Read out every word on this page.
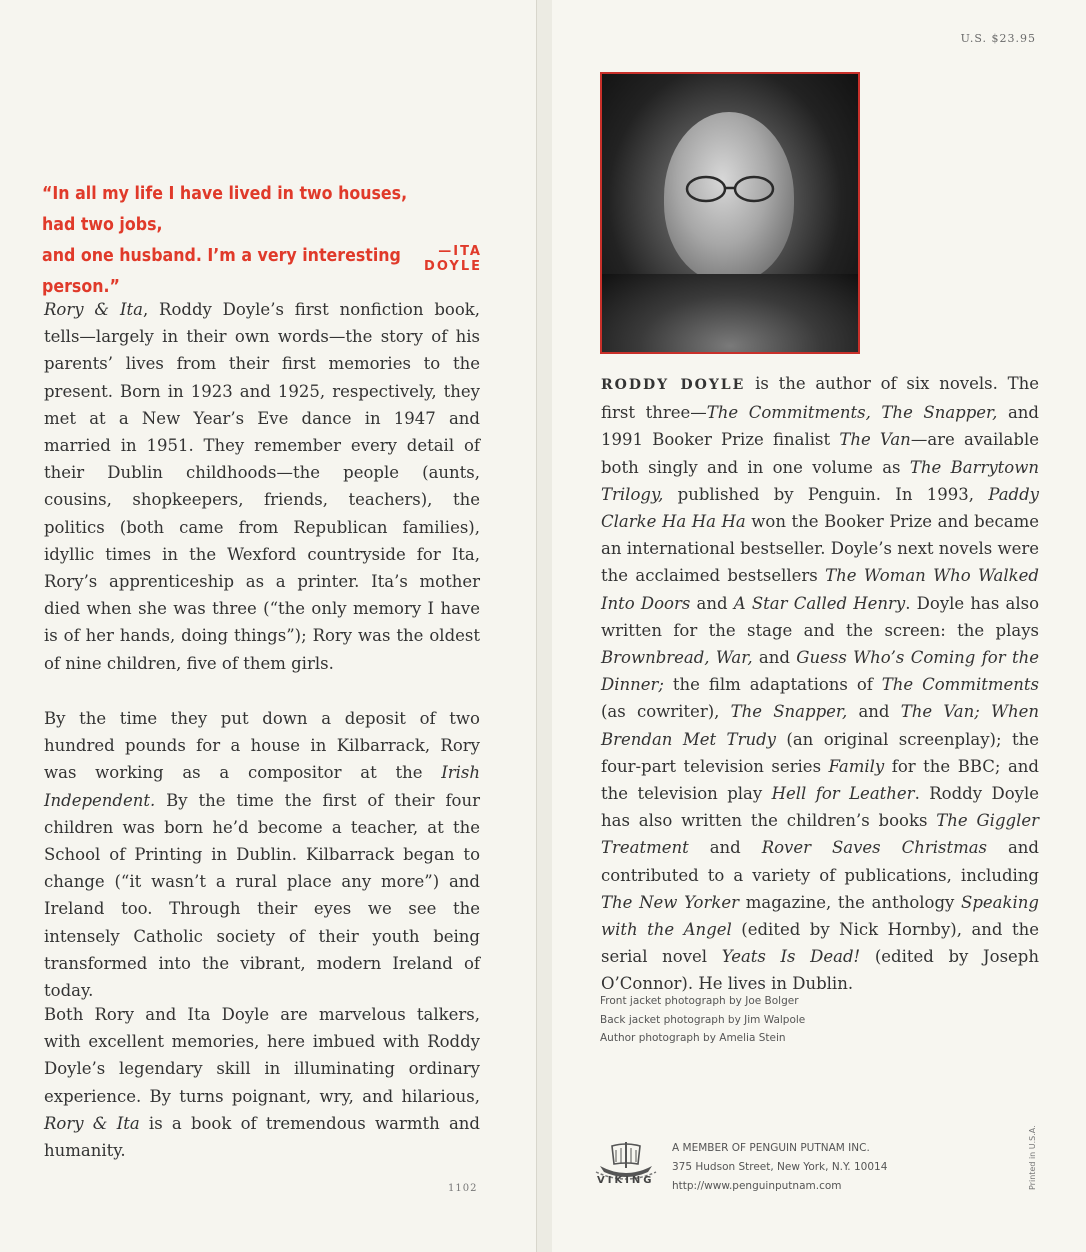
U.S. $23.95
“In all my life I have lived in two houses, had two jobs,
and one husband. I’m a very interesting person.”
—ITA DOYLE
Rory & Ita, Roddy Doyle’s first nonfiction book, tells—largely in their own words—the story of his parents’ lives from their first memories to the present. Born in 1923 and 1925, respectively, they met at a New Year’s Eve dance in 1947 and married in 1951. They remember every detail of their Dublin childhoods—the people (aunts, cousins, shopkeepers, friends, teachers), the politics (both came from Republican families), idyllic times in the Wexford countryside for Ita, Rory’s apprenticeship as a printer. Ita’s mother died when she was three (“the only memory I have is of her hands, doing things”); Rory was the oldest of nine children, five of them girls.
By the time they put down a deposit of two hundred pounds for a house in Kilbarrack, Rory was working as a compositor at the Irish Independent. By the time the first of their four children was born he’d become a teacher, at the School of Printing in Dublin. Kilbarrack began to change (“it wasn’t a rural place any more”) and Ireland too. Through their eyes we see the intensely Catholic society of their youth being transformed into the vibrant, modern Ireland of today.
Both Rory and Ita Doyle are marvelous talkers, with excellent memories, here imbued with Roddy Doyle’s legendary skill in illuminating ordinary experience. By turns poignant, wry, and hilarious, Rory & Ita is a book of tremendous warmth and humanity.
1102
RODDY DOYLE is the author of six novels. The first three—The Commitments, The Snapper, and 1991 Booker Prize finalist The Van—are available both singly and in one volume as The Barrytown Trilogy, published by Penguin. In 1993, Paddy Clarke Ha Ha Ha won the Booker Prize and became an international bestseller. Doyle’s next novels were the acclaimed bestsellers The Woman Who Walked Into Doors and A Star Called Henry. Doyle has also written for the stage and the screen: the plays Brownbread, War, and Guess Who’s Coming for the Dinner; the film adaptations of The Commitments (as cowriter), The Snapper, and The Van; When Brendan Met Trudy (an original screenplay); the four-part television series Family for the BBC; and the television play Hell for Leather. Roddy Doyle has also written the children’s books The Giggler Treatment and Rover Saves Christmas and contributed to a variety of publications, including The New Yorker magazine, the anthology Speaking with the Angel (edited by Nick Hornby), and the serial novel Yeats Is Dead! (edited by Joseph O’Connor). He lives in Dublin.
Front jacket photograph by Joe Bolger
Back jacket photograph by Jim Walpole
Author photograph by Amelia Stein
VIKING
A MEMBER OF PENGUIN PUTNAM INC.
375 Hudson Street, New York, N.Y. 10014
http://www.penguinputnam.com	Printed in U.S.A.
